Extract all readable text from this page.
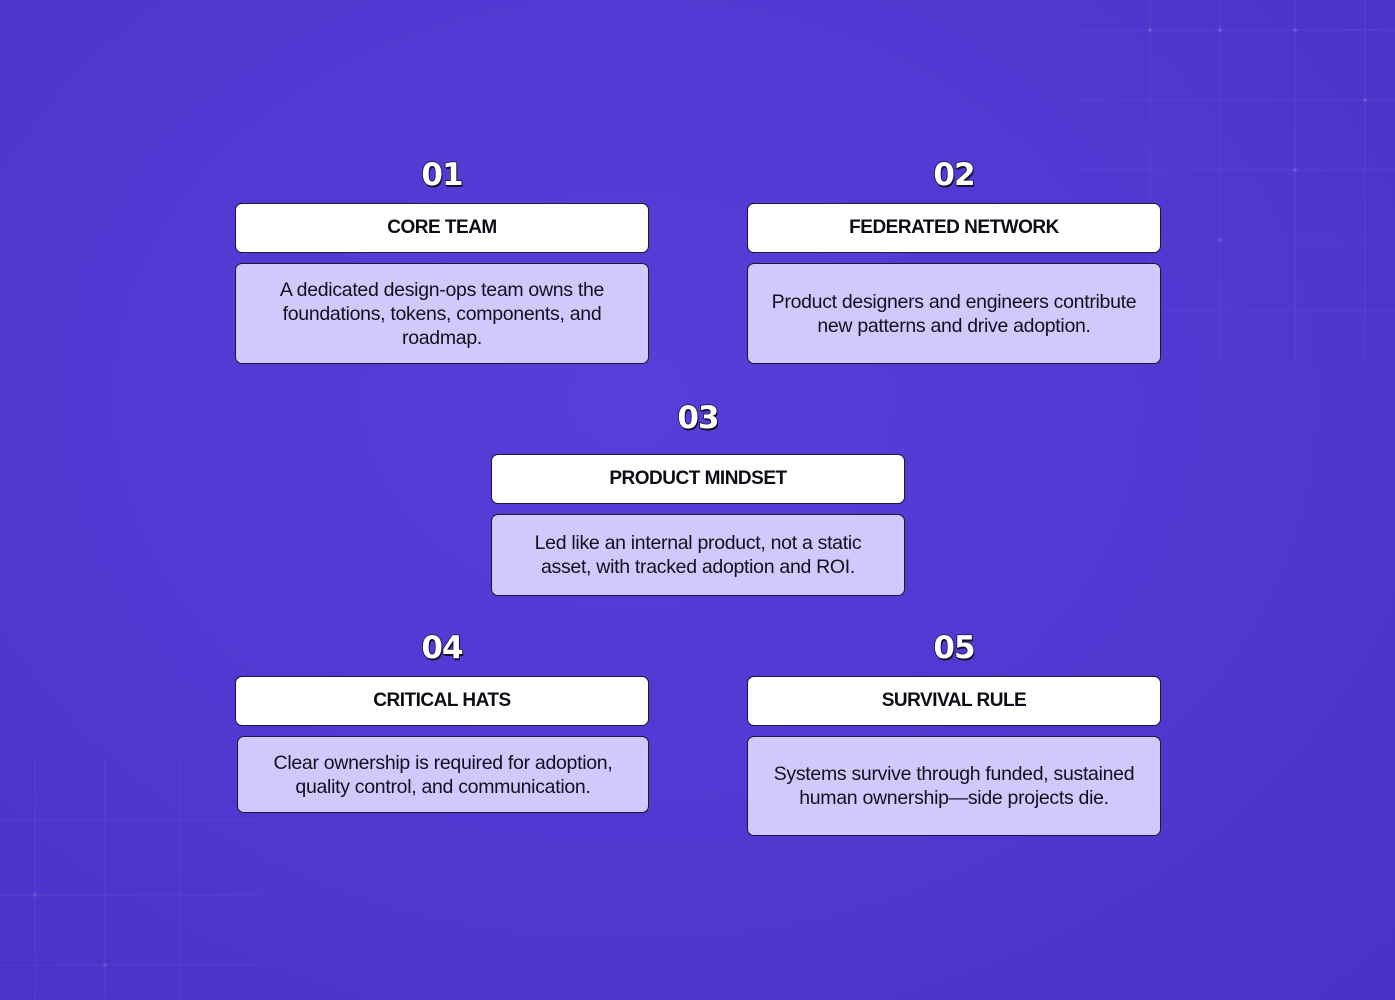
01
CORE TEAM
A dedicated design-ops team owns the foundations, tokens, components, and roadmap.
02
FEDERATED NETWORK
Product designers and engineers contribute new patterns and drive adoption.
03
PRODUCT MINDSET
Led like an internal product, not a static asset, with tracked adoption and ROI.
04
CRITICAL HATS
Clear ownership is required for adoption, quality control, and communication.
05
SURVIVAL RULE
Systems survive through funded, sustained human ownership—side projects die.
